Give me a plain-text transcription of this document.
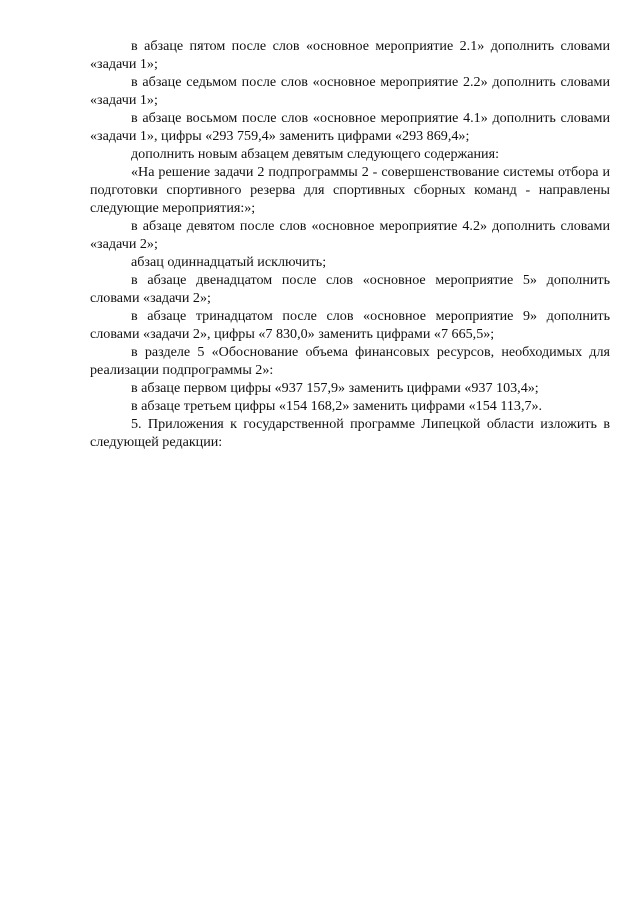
в абзаце пятом после слов «основное мероприятие 2.1» дополнить словами «задачи 1»;

в абзаце седьмом после слов «основное мероприятие 2.2» дополнить словами «задачи 1»;

в абзаце восьмом после слов «основное мероприятие 4.1» дополнить словами «задачи 1», цифры «293 759,4» заменить цифрами «293 869,4»;

дополнить новым абзацем девятым следующего содержания:

«На решение задачи 2 подпрограммы 2 - совершенствование системы отбора и подготовки спортивного резерва для спортивных сборных команд - направлены следующие мероприятия:»;

в абзаце девятом после слов «основное мероприятие 4.2» дополнить словами «задачи 2»;

абзац одиннадцатый исключить;

в абзаце двенадцатом после слов «основное мероприятие 5» дополнить словами «задачи 2»;

в абзаце тринадцатом после слов «основное мероприятие 9» дополнить словами «задачи 2», цифры «7 830,0» заменить цифрами «7 665,5»;

в разделе 5 «Обоснование объема финансовых ресурсов, необходимых для реализации подпрограммы 2»:

в абзаце первом цифры «937 157,9» заменить цифрами «937 103,4»;

в абзаце третьем цифры «154 168,2» заменить цифрами «154 113,7».

5. Приложения к государственной программе Липецкой области изложить в следующей редакции:
